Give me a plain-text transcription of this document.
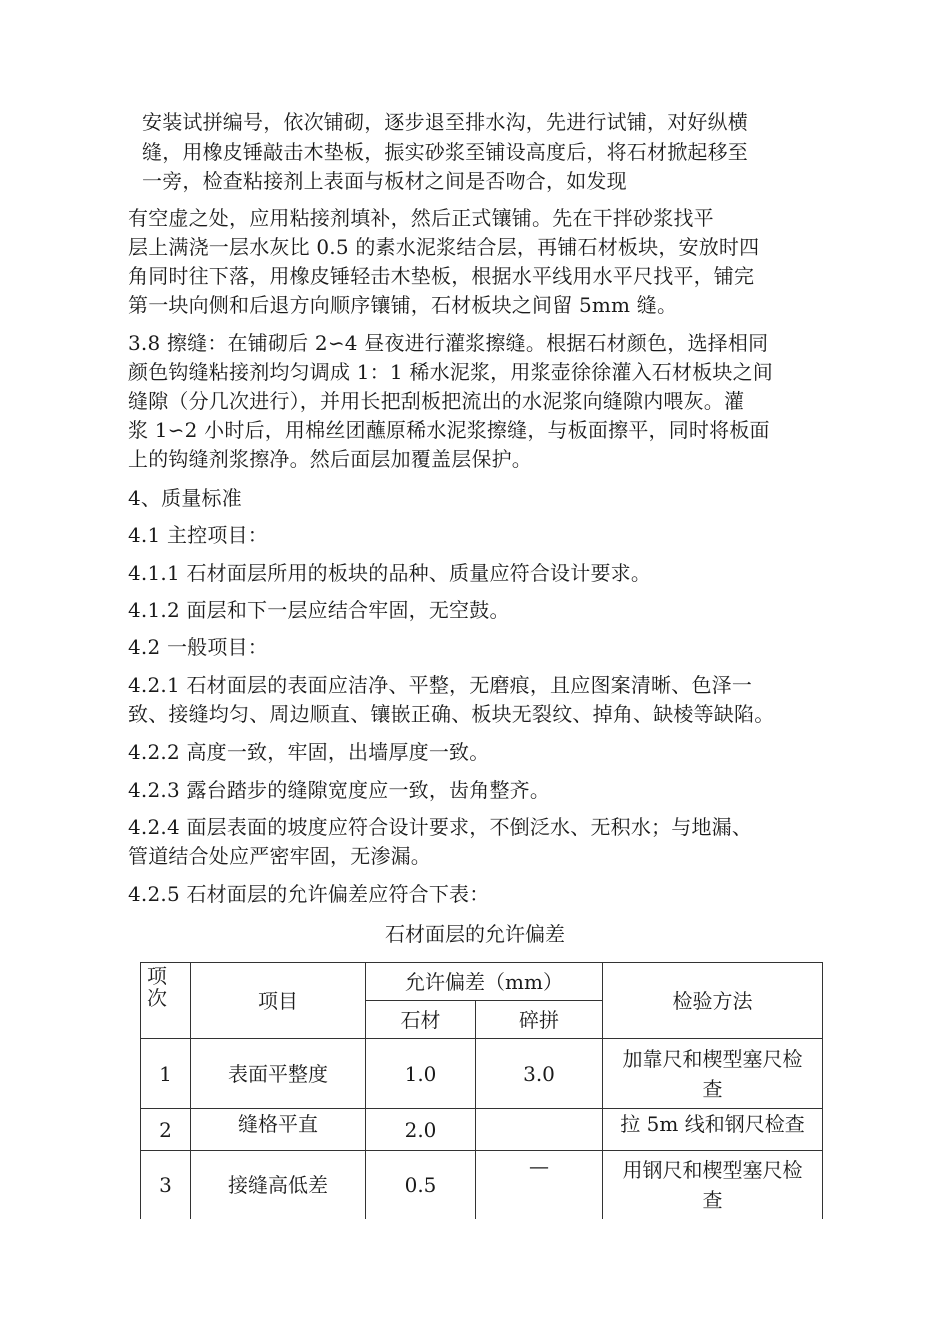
安装试拼编号，依次铺砌，逐步退至排水沟，先进行试铺，对好纵横
缝，用橡皮锤敲击木垫板，振实砂浆至铺设高度后，将石材掀起移至
一旁，检查粘接剂上表面与板材之间是否吻合，如发现
有空虚之处，应用粘接剂填补，然后正式镶铺。先在干拌砂浆找平
层上满浇一层水灰比 0.5 的素水泥浆结合层，再铺石材板块，安放时四
角同时往下落，用橡皮锤轻击木垫板，根据水平线用水平尺找平，铺完
第一块向侧和后退方向顺序镶铺，石材板块之间留 5mm 缝。
3.8 擦缝：在铺砌后 2∽4 昼夜进行灌浆擦缝。根据石材颜色，选择相同
颜色钩缝粘接剂均匀调成 1：1 稀水泥浆，用浆壶徐徐灌入石材板块之间
缝隙（分几次进行），并用长把刮板把流出的水泥浆向缝隙内喂灰。灌
浆 1∽2 小时后，用棉丝团蘸原稀水泥浆擦缝，与板面擦平，同时将板面
上的钩缝剂浆擦净。然后面层加覆盖层保护。
4、质量标准
4.1 主控项目：
4.1.1 石材面层所用的板块的品种、质量应符合设计要求。
4.1.2 面层和下一层应结合牢固，无空鼓。
4.2 一般项目：
4.2.1 石材面层的表面应洁净、平整，无磨痕，且应图案清晰、色泽一
致、接缝均匀、周边顺直、镶嵌正确、板块无裂纹、掉角、缺棱等缺陷。
4.2.2 高度一致，牢固，出墙厚度一致。
4.2.3 露台踏步的缝隙宽度应一致，齿角整齐。
4.2.4 面层表面的坡度应符合设计要求，不倒泛水、无积水；与地漏、
管道结合处应严密牢固，无渗漏。
4.2.5 石材面层的允许偏差应符合下表：
石材面层的允许偏差
项次	项目	允许偏差（mm）		检验方法
		石材	碎拼	
1	表面平整度	1.0	3.0	加靠尺和楔型塞尺检查
2	缝格平直	2.0		拉 5m 线和钢尺检查
3	接缝高低差	0.5	—	用钢尺和楔型塞尺检查
